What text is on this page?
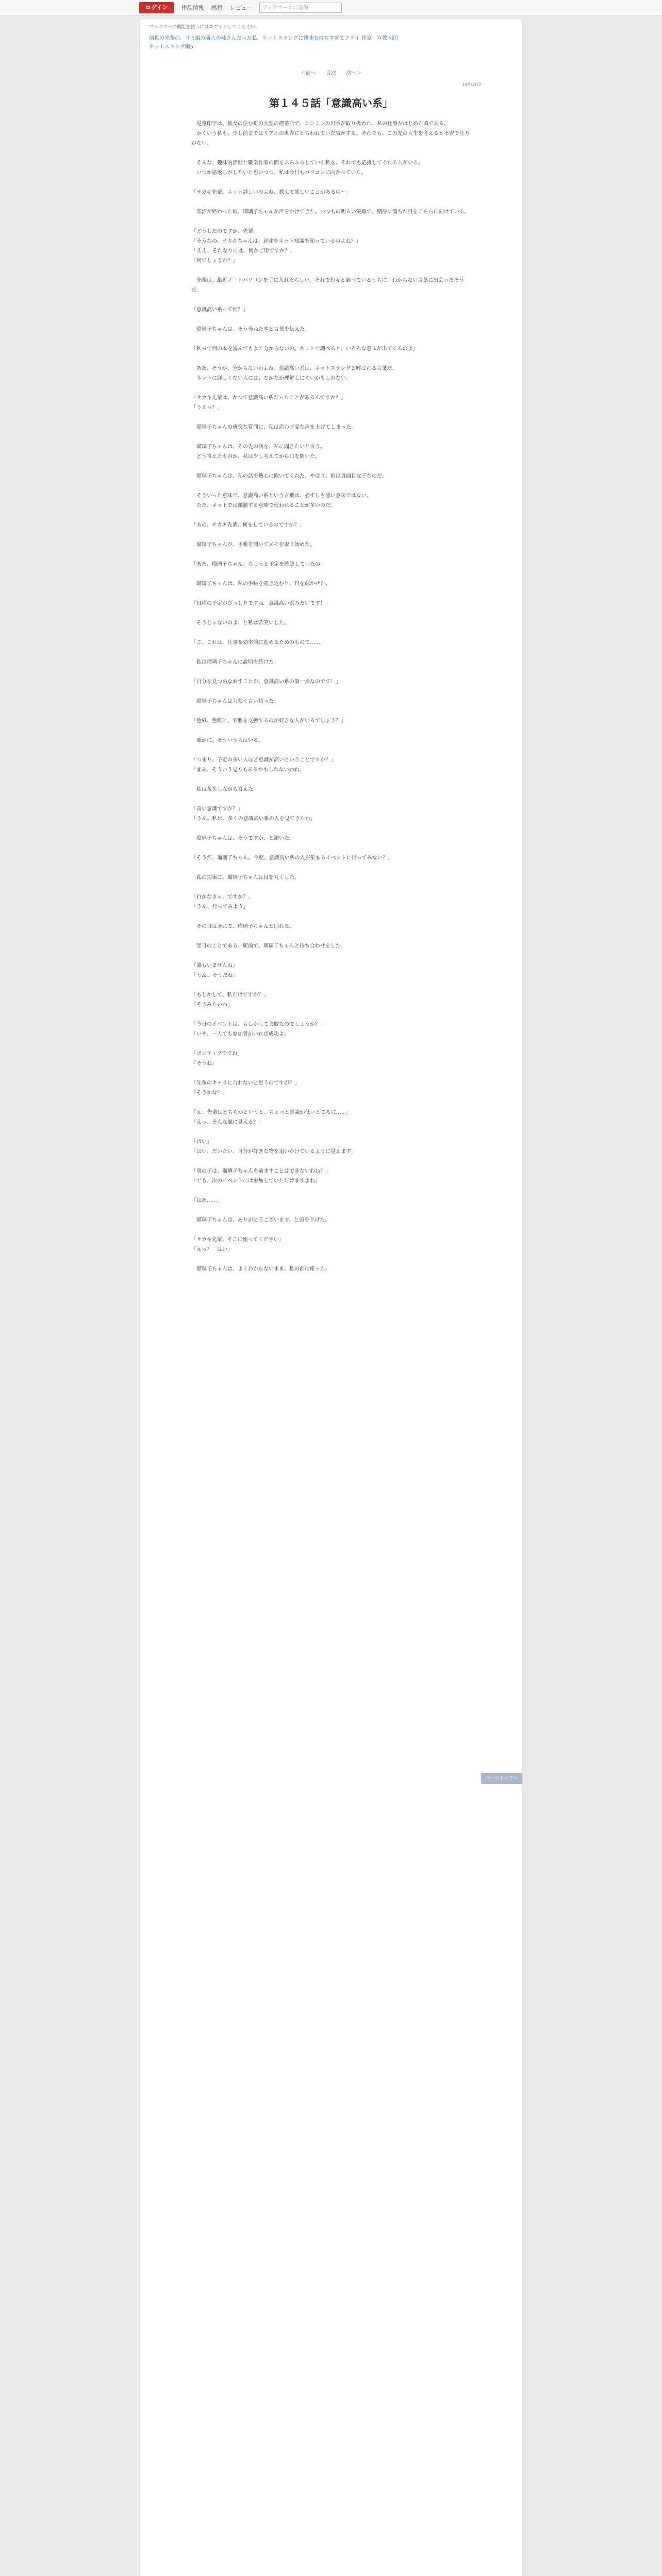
ログイン	作品情報 感想 レビュー	ブックマークに追加
ブックマーク機能を使うにはログインしてください。
前世の先輩の、ゴミ編み職人の妹さんだった私、ネットスラングに興味を持ちすぎてクライ 作家：宣教 残月
ネットスラング編5
＜前へ 目次 次へ＞
145/203
第１４５話「意識高い系」

　児童印字は、彼女の住む町の大型の喫茶店で、シシミンの出版が取り扱われ、私の仕事がはじめた頃である。

　かくいう私も、少し前まではリアルの世界にとらわれていた気がする。それでも、この先の人生を考えると不安で仕方がない。

　そんな、趣味的活動と職業作家の間をふらふらしている私を、それでも応援してくれる人がいる。

　いつか恩返しがしたいと思いつつ、私は今日もパソコンに向かっていた。

「サカキ先輩。ネット詳しいのよね、教えて欲しいことがあるの～」

　部活が終わった頃、瑠璃子ちゃんが声をかけてきた。いつもの明るい笑顔で、期待に満ちた目をこちらに向けている。

「どうしたのですか、先輩」

「そうなの。サカキちゃんは、意味をネット知識を知っているのよね？」

「ええ、それなりには。何かご用ですか？」

「何でしょうか？」

　先輩は、最近ノートパソコンを手に入れたらしい。それで色々と調べているうちに、わからない言葉に出会ったそうだ。

「意識高い系って何？」

　瑠璃子ちゃんは、そう尋ねた本と言葉を伝えた。

「私って何の本を読んでもよく分からないの。ネットで調べると、いろんな意味が出てくるのよ」

　ああ、そうか。分からないわよね。意識高い系は、ネットスラングと呼ばれる言葉だ。

　ネットに詳しくない人には、なかなか理解しにくいかもしれない。

「サカキ先輩は、かつて意識高い系だったことがあるんですか？」

「うえっ？」

　瑠璃子ちゃんの唐突な質問に、私は思わず変な声を上げてしまった。

　瑠璃子ちゃんは、その先の話を、私に聞きたいと言う。

　どう答えたものか。私は少し考えてから口を開いた。

　瑠璃子ちゃんは、私の話を熱心に聞いてくれた。やはり、根は真面目な子なのだ。

　そういった意味で、意識高い系という言葉は、必ずしも悪い意味ではない。

　ただ、ネットでは揶揄する意味で使われることが多いのだ。

「あの、サカキ先輩、何をしているのですか？」

　瑠璃子ちゃんが、手帳を開いてメモを取り始めた。

「ああ、瑠璃子ちゃん。ちょっと予定を確認していたの」

　瑠璃子ちゃんは、私の手帳を覗き込むと、目を輝かせた。

「日曜の予定がびっしりですね。意識高い系みたいです！」

　そうじゃないのよ、と私は苦笑いした。

「ご、これは、仕事を効率的に進めるためのもので……」

　私は瑠璃子ちゃんに説明を続けた。

「自分を見つめなおすことが、意識高い系の第一歩なのです！」

　瑠璃子ちゃんは力強く言い切った。

「色紙、色紙と、名刺を交換するのが好きな人がいるでしょう？」

　確かに、そういう人はいる。

「つまり、予定の多い人ほど意識が高いということですか？」

「まあ、そういう見方もあるかもしれないわね」

　私は苦笑しながら答えた。

「高い意識ですか？」

「うん。私は、多くの意識高い系の人を見てきたわ」

　瑠璃子ちゃんは、そうですか、と頷いた。

「そうだ、瑠璃子ちゃん。今度、意識高い系の人が集まるイベントに行ってみない？」

　私の提案に、瑠璃子ちゃんは目を丸くした。

「行かなきゃ、ですか？」

「うん、行ってみよう」

　その日はそれで、瑠璃子ちゃんと別れた。

　翌日のことである。駅前で、瑠璃子ちゃんと待ち合わせをした。

「誰もいませんね」

「うん、そうだね」

「もしかして、私だけですか？」

「そうみたいね」

「今日のイベントは、もしかして失敗なのでしょうか？」

「いや、一人でも参加者がいれば成功よ」

「ポジティブですね」

「そうね」

「先輩のキャラに合わないと思うのですが？」

「そうかな？」

「え、先輩はどちらかというと、ちょっと意識が低いところに……」

「えっ、そんな風に見える？」

「はい」

「はい、だいたい、自分が好きな物を追いかけているように見えます」

「恵の子は、瑠璃子ちゃんを励ますことはできないわね？」

「でも、次のイベントには参加していただけますよね」

「はあ……」

　瑠璃子ちゃんは、ありがとうございます、と頭を下げた。

「サカキ先輩、そこに座ってください」

「えっ？　はい」

　瑠璃子ちゃんは、よくわからないまま、私の前に座った。

ページトップへ
